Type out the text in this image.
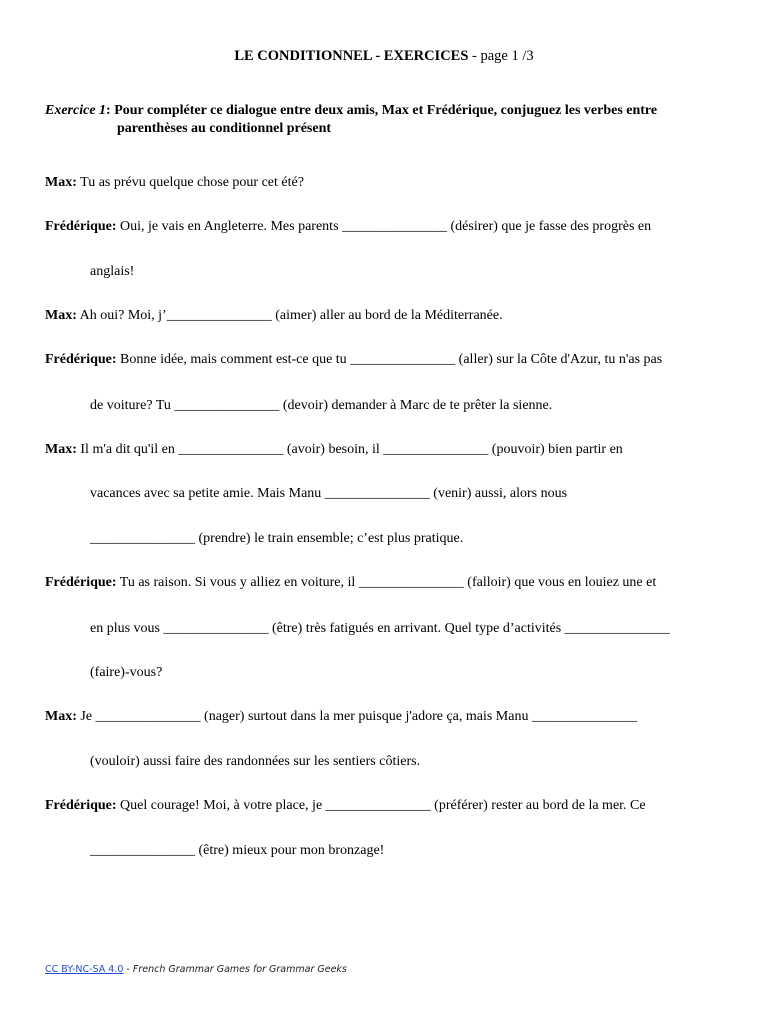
LE CONDITIONNEL - EXERCICES - page 1 /3
Exercice 1: Pour compléter ce dialogue entre deux amis, Max et Frédérique, conjuguez les verbes entre
parenthèses au conditionnel présent
Max: Tu as prévu quelque chose pour cet été?
Frédérique: Oui, je vais en Angleterre. Mes parents _______________ (désirer) que je fasse des progrès en
anglais!
Max: Ah oui? Moi, j’_______________ (aimer) aller au bord de la Méditerranée.
Frédérique: Bonne idée, mais comment est-ce que tu _______________ (aller) sur la Côte d'Azur, tu n'as pas
de voiture? Tu _______________ (devoir) demander à Marc de te prêter la sienne.
Max: Il m'a dit qu'il en _______________ (avoir) besoin, il _______________ (pouvoir) bien partir en
vacances avec sa petite amie. Mais Manu _______________ (venir) aussi, alors nous
_______________ (prendre) le train ensemble; c’est plus pratique.
Frédérique: Tu as raison. Si vous y alliez en voiture, il _______________ (falloir) que vous en louiez une et
en plus vous _______________ (être) très fatigués en arrivant. Quel type d’activités _______________
(faire)-vous?
Max: Je _______________ (nager) surtout dans la mer puisque j'adore ça, mais Manu _______________
(vouloir) aussi faire des randonnées sur les sentiers côtiers.
Frédérique: Quel courage! Moi, à votre place, je _______________ (préférer) rester au bord de la mer. Ce
_______________ (être) mieux pour mon bronzage!
CC BY-NC-SA 4.0 - French Grammar Games for Grammar Geeks
